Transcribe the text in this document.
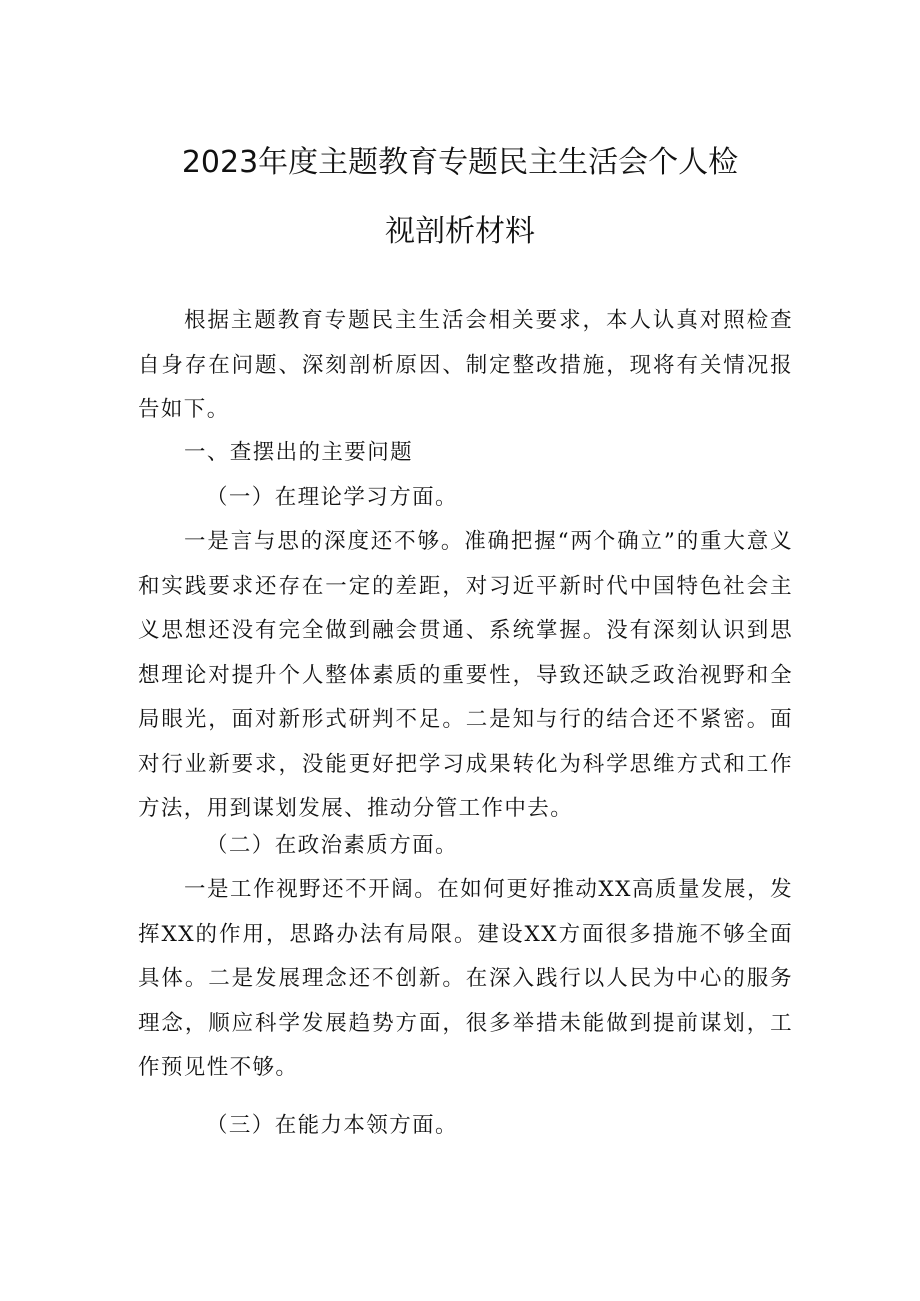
2023年度主题教育专题民主生活会个人检
视剖析材料

根据主题教育专题民主生活会相关要求，本人认真对照检查自身存在问题、深刻剖析原因、制定整改措施，现将有关情况报告如下。

一、查摆出的主要问题

（一）在理论学习方面。

一是言与思的深度还不够。准确把握“两个确立”的重大意义和实践要求还存在一定的差距，对习近平新时代中国特色社会主义思想还没有完全做到融会贯通、系统掌握。没有深刻认识到思想理论对提升个人整体素质的重要性，导致还缺乏政治视野和全局眼光，面对新形式研判不足。二是知与行的结合还不紧密。面对行业新要求，没能更好把学习成果转化为科学思维方式和工作方法，用到谋划发展、推动分管工作中去。

（二）在政治素质方面。

一是工作视野还不开阔。在如何更好推动XX高质量发展，发挥XX的作用，思路办法有局限。建设XX方面很多措施不够全面具体。二是发展理念还不创新。在深入践行以人民为中心的服务理念，顺应科学发展趋势方面，很多举措未能做到提前谋划，工作预见性不够。

（三）在能力本领方面。
